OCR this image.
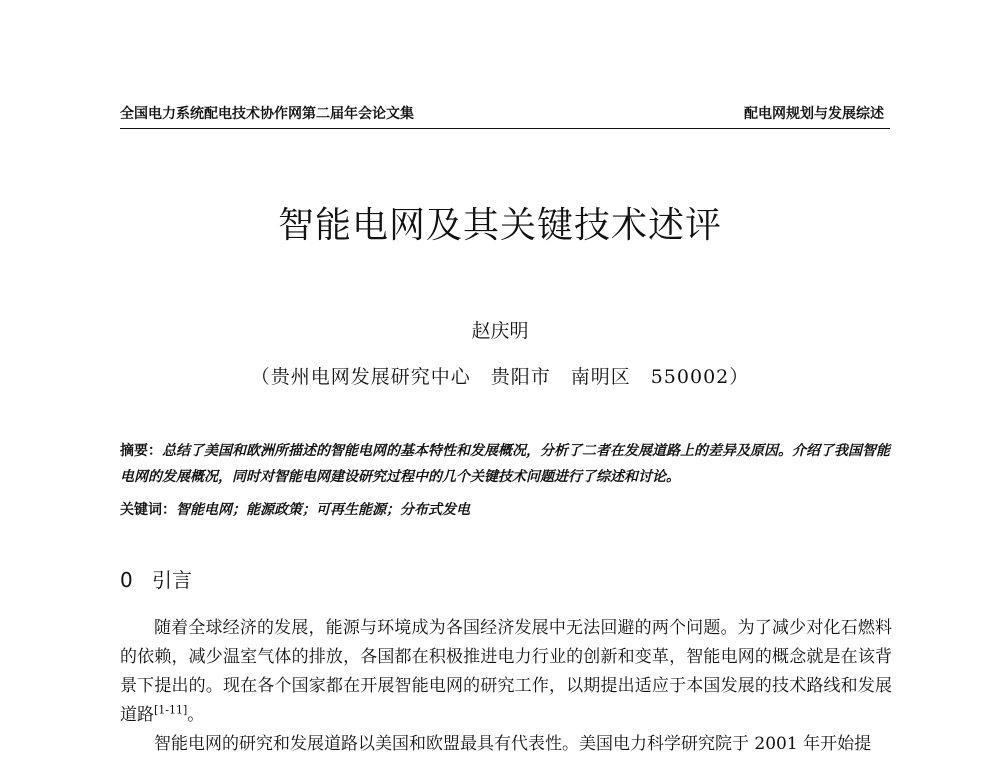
全国电力系统配电技术协作网第二届年会论文集	配电网规划与发展综述
智能电网及其关键技术述评
赵庆明
（贵州电网发展研究中心　贵阳市　南明区　550002）
摘要：总结了美国和欧洲所描述的智能电网的基本特性和发展概况，分析了二者在发展道路上的差异及原因。介绍了我国智能电网的发展概况，同时对智能电网建设研究过程中的几个关键技术问题进行了综述和讨论。
关键词：智能电网；能源政策；可再生能源；分布式发电
0 引言

随着全球经济的发展，能源与环境成为各国经济发展中无法回避的两个问题。为了减少对化石燃料的依赖，减少温室气体的排放，各国都在积极推进电力行业的创新和变革，智能电网的概念就是在该背景下提出的。现在各个国家都在开展智能电网的研究工作，以期提出适应于本国发展的技术路线和发展道路[1-11]。

智能电网的研究和发展道路以美国和欧盟最具有代表性。美国电力科学研究院于 2001 年开始提
